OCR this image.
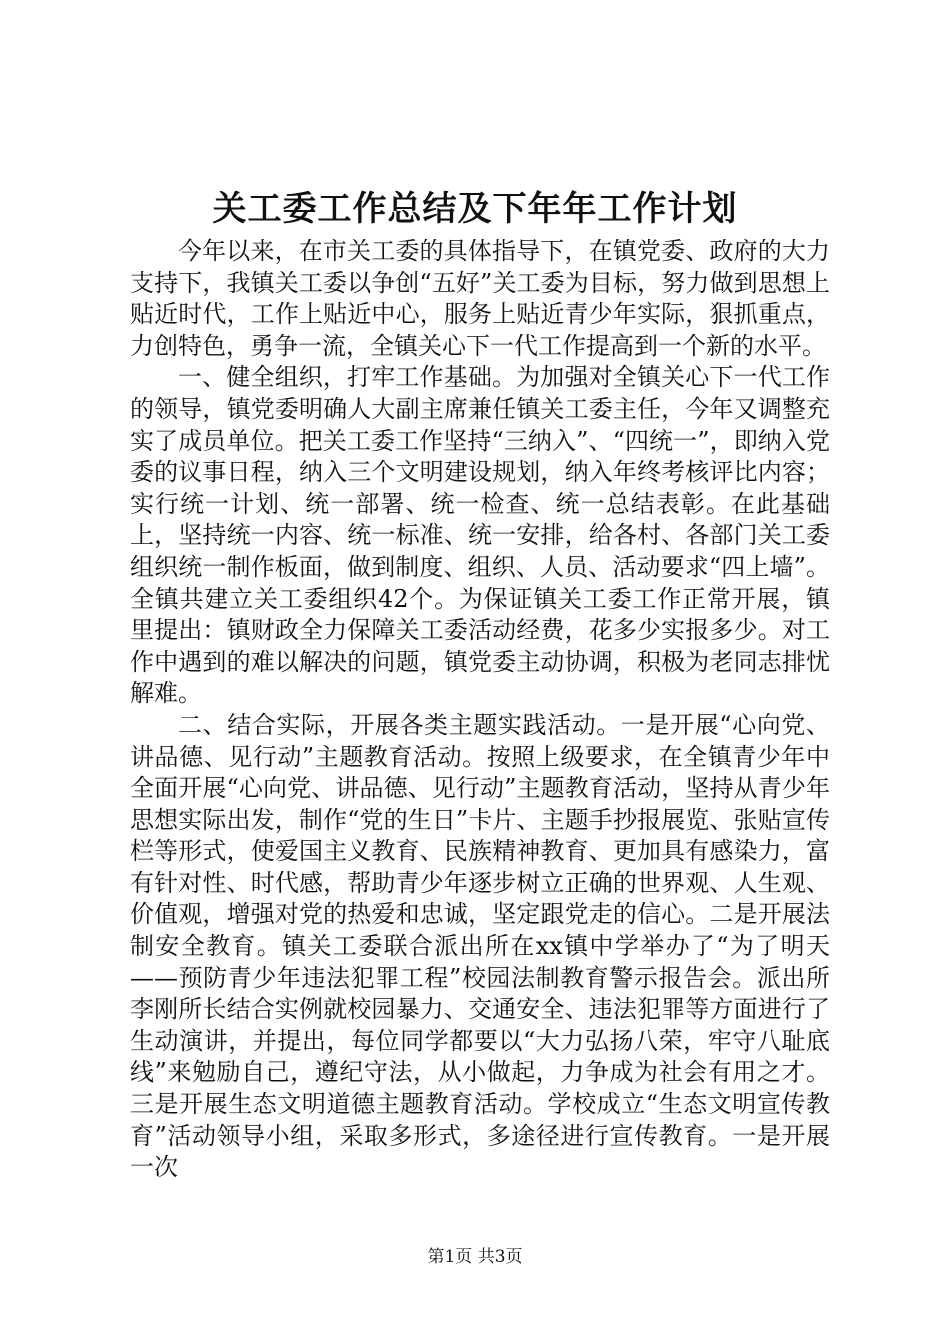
关工委工作总结及下年年工作计划

今年以来，在市关工委的具体指导下，在镇党委、政府的大力支持下，我镇关工委以争创“五好”关工委为目标，努力做到思想上贴近时代，工作上贴近中心，服务上贴近青少年实际，狠抓重点，力创特色，勇争一流，全镇关心下一代工作提高到一个新的水平。

一、健全组织，打牢工作基础。为加强对全镇关心下一代工作的领导，镇党委明确人大副主席兼任镇关工委主任，今年又调整充实了成员单位。把关工委工作坚持“三纳入”、“四统一”，即纳入党委的议事日程，纳入三个文明建设规划，纳入年终考核评比内容；实行统一计划、统一部署、统一检查、统一总结表彰。在此基础上，坚持统一内容、统一标准、统一安排，给各村、各部门关工委组织统一制作板面，做到制度、组织、人员、活动要求“四上墙”。全镇共建立关工委组织42个。为保证镇关工委工作正常开展，镇里提出：镇财政全力保障关工委活动经费，花多少实报多少。对工作中遇到的难以解决的问题，镇党委主动协调，积极为老同志排忧解难。

二、结合实际，开展各类主题实践活动。一是开展“心向党、讲品德、见行动”主题教育活动。按照上级要求，在全镇青少年中全面开展“心向党、讲品德、见行动”主题教育活动，坚持从青少年思想实际出发，制作“党的生日”卡片、主题手抄报展览、张贴宣传栏等形式，使爱国主义教育、民族精神教育、更加具有感染力，富有针对性、时代感，帮助青少年逐步树立正确的世界观、人生观、价值观，增强对党的热爱和忠诚，坚定跟党走的信心。二是开展法制安全教育。镇关工委联合派出所在xx镇中学举办了“为了明天——预防青少年违法犯罪工程”校园法制教育警示报告会。派出所李刚所长结合实例就校园暴力、交通安全、违法犯罪等方面进行了生动演讲，并提出，每位同学都要以“大力弘扬八荣，牢守八耻底线”来勉励自己，遵纪守法，从小做起，力争成为社会有用之才。三是开展生态文明道德主题教育活动。学校成立“生态文明宣传教育”活动领导小组，采取多形式，多途径进行宣传教育。一是开展一次

第1页 共3页
